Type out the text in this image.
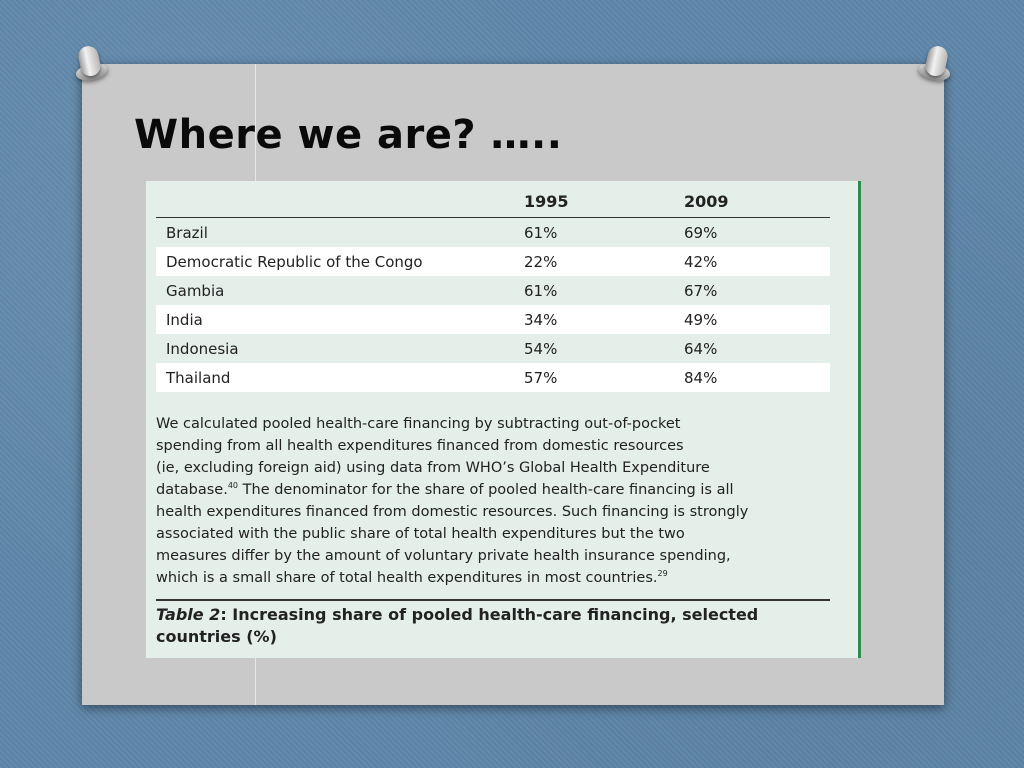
Where we are? …..
	1995	2009
Brazil	61%	69%
Democratic Republic of the Congo	22%	42%
Gambia	61%	67%
India	34%	49%
Indonesia	54%	64%
Thailand	57%	84%
We calculated pooled health-care financing by subtracting out-of-pocket
spending from all health expenditures financed from domestic resources
(ie, excluding foreign aid) using data from WHO’s Global Health Expenditure
database.$^{40}$ The denominator for the share of pooled health-care financing is all
health expenditures financed from domestic resources. Such financing is strongly
associated with the public share of total health expenditures but the two
measures differ by the amount of voluntary private health insurance spending,
which is a small share of total health expenditures in most countries.$^{29}$
Table 2: Increasing share of pooled health-care financing, selected countries (%)
